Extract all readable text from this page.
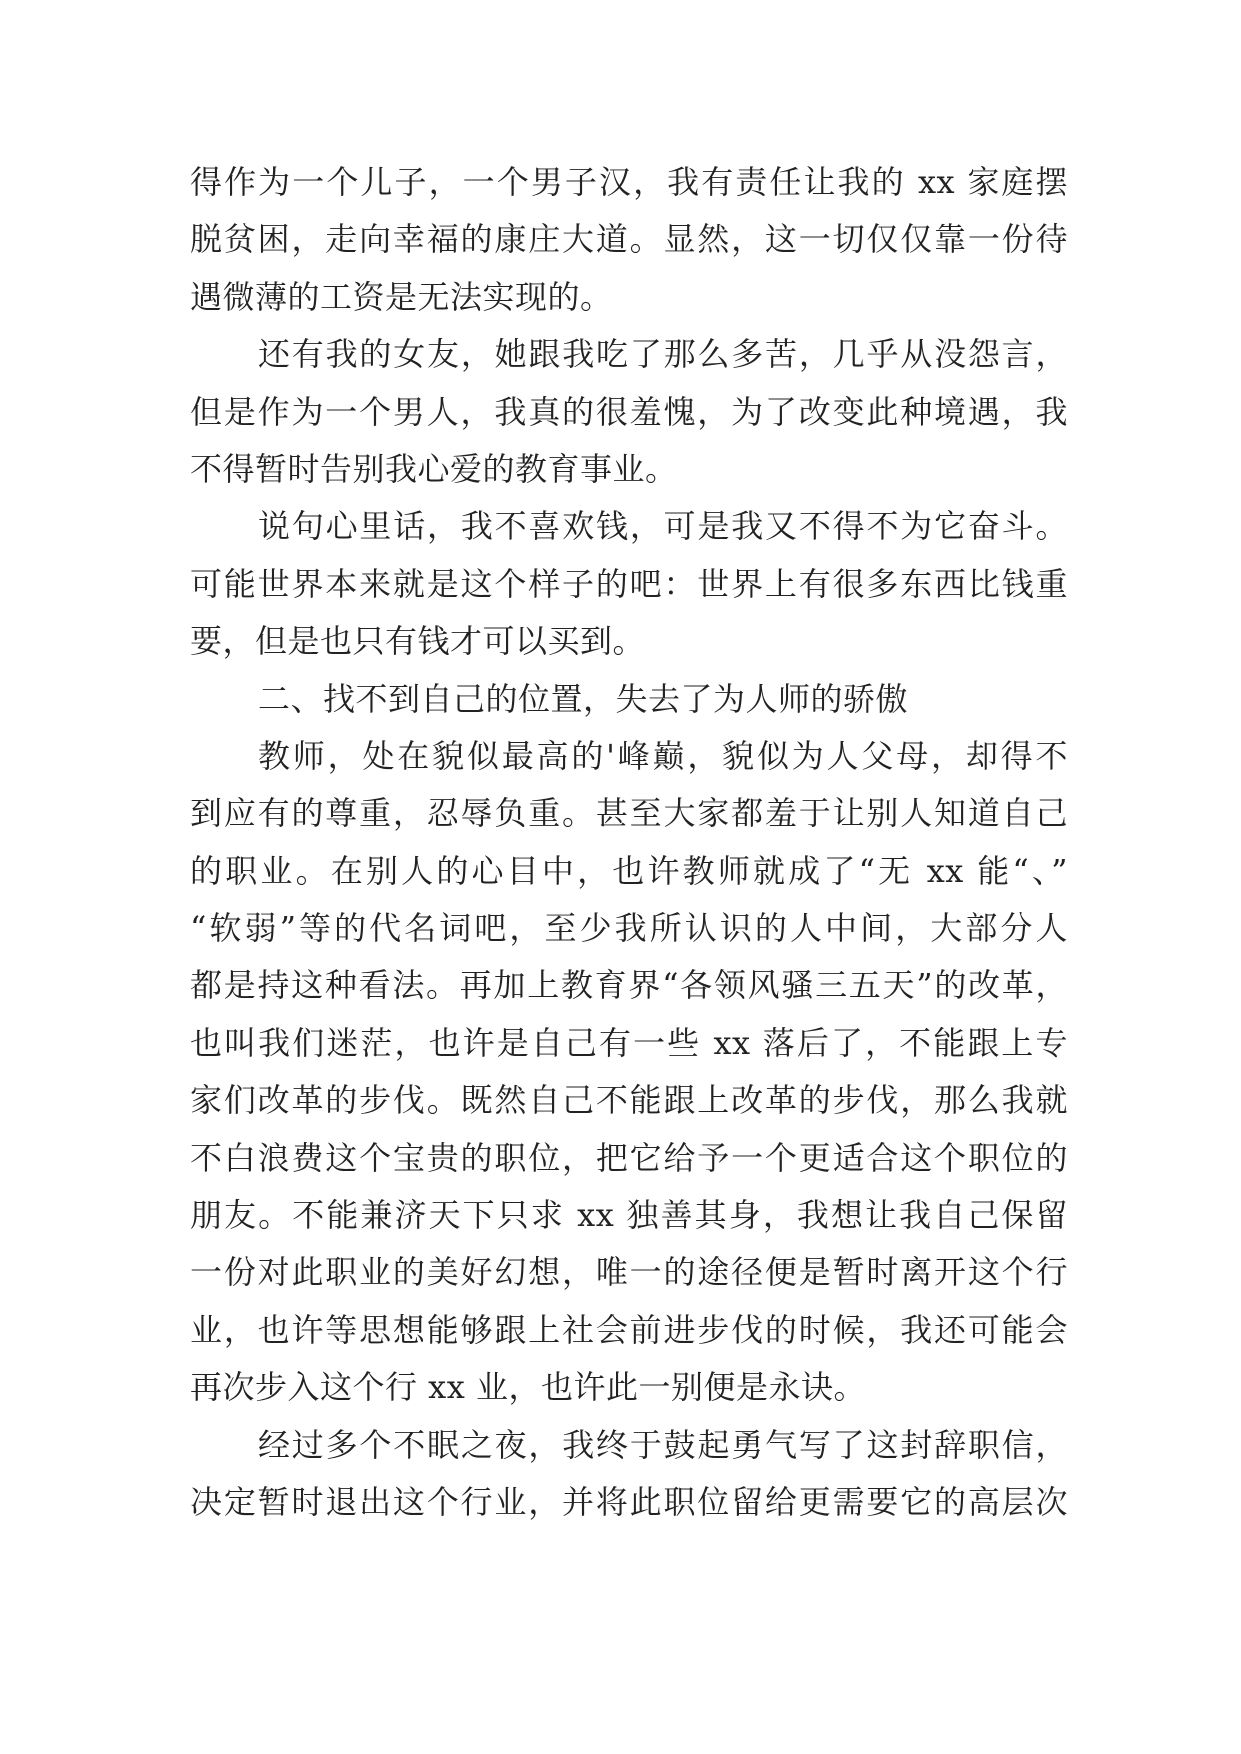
得作为一个儿子，一个男子汉，我有责任让我的 xx 家庭摆
脱贫困，走向幸福的康庄大道。显然，这一切仅仅靠一份待
遇微薄的工资是无法实现的。
还有我的女友，她跟我吃了那么多苦，几乎从没怨言，
但是作为一个男人，我真的很羞愧，为了改变此种境遇，我
不得暂时告别我心爱的教育事业。
说句心里话，我不喜欢钱，可是我又不得不为它奋斗。
可能世界本来就是这个样子的吧：世界上有很多东西比钱重
要，但是也只有钱才可以买到。
二、找不到自己的位置，失去了为人师的骄傲
教师，处在貌似最高的'峰巅，貌似为人父母，却得不
到应有的尊重，忍辱负重。甚至大家都羞于让别人知道自己
的职业。在别人的心目中，也许教师就成了“无 xx 能“、”
“软弱”等的代名词吧，至少我所认识的人中间，大部分人
都是持这种看法。再加上教育界“各领风骚三五天”的改革，
也叫我们迷茫，也许是自己有一些 xx 落后了，不能跟上专
家们改革的步伐。既然自己不能跟上改革的步伐，那么我就
不白浪费这个宝贵的职位，把它给予一个更适合这个职位的
朋友。不能兼济天下只求 xx 独善其身，我想让我自己保留
一份对此职业的美好幻想，唯一的途径便是暂时离开这个行
业，也许等思想能够跟上社会前进步伐的时候，我还可能会
再次步入这个行 xx 业，也许此一别便是永诀。
经过多个不眠之夜，我终于鼓起勇气写了这封辞职信，
决定暂时退出这个行业，并将此职位留给更需要它的高层次
